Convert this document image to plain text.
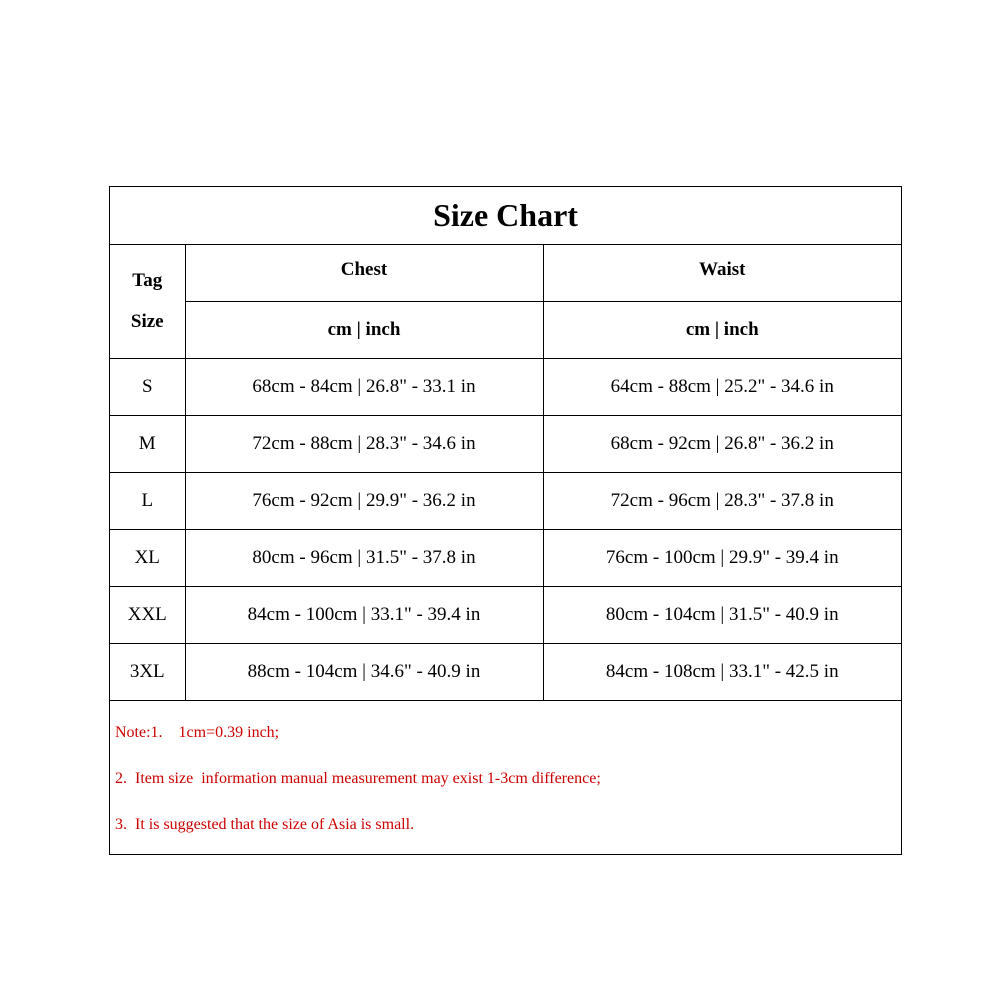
Size Chart		
Tag
Size	Chest	Waist
	cm | inch	cm | inch
S	68cm - 84cm | 26.8" - 33.1 in	64cm - 88cm | 25.2" - 34.6 in
M	72cm - 88cm | 28.3" - 34.6 in	68cm - 92cm | 26.8" - 36.2 in
L	76cm - 92cm | 29.9" - 36.2 in	72cm - 96cm | 28.3" - 37.8 in
XL	80cm - 96cm | 31.5" - 37.8 in	76cm - 100cm | 29.9" - 39.4 in
XXL	84cm - 100cm | 33.1" - 39.4 in	80cm - 104cm | 31.5" - 40.9 in
3XL	88cm - 104cm | 34.6" - 40.9 in	84cm - 108cm | 33.1" - 42.5 in

Note:1.    1cm=0.39 inch;
2.  Item size  information manual measurement may exist 1-3cm difference;
3.  It is suggested that the size of Asia is small.		
